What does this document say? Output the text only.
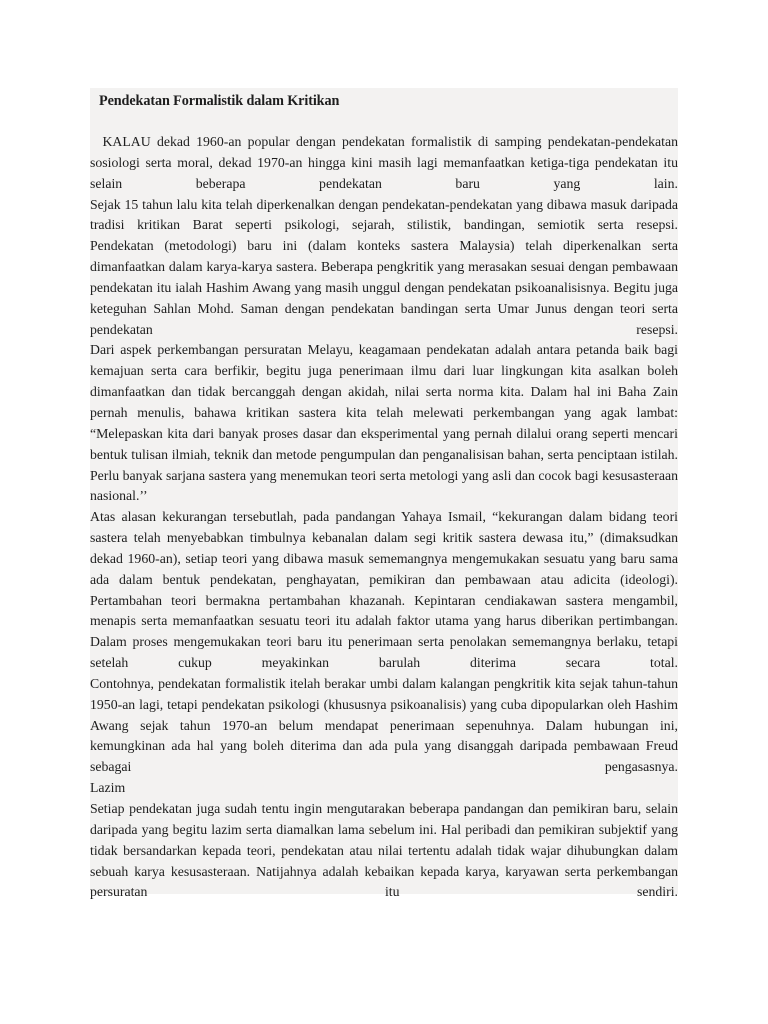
Pendekatan Formalistik dalam Kritikan
KALAU dekad 1960-an popular dengan pendekatan formalistik di samping pendekatan-pendekatan
sosiologi serta moral, dekad 1970-an hingga kini masih lagi memanfaatkan ketiga-tiga pendekatan itu
selain beberapa pendekatan baru yang lain.
Sejak 15 tahun lalu kita telah diperkenalkan dengan pendekatan-pendekatan yang dibawa masuk daripada
tradisi kritikan Barat seperti psikologi, sejarah, stilistik, bandingan, semiotik serta resepsi.
Pendekatan (metodologi) baru ini (dalam konteks sastera Malaysia) telah diperkenalkan serta
dimanfaatkan dalam karya-karya sastera. Beberapa pengkritik yang merasakan sesuai dengan pembawaan
pendekatan itu ialah Hashim Awang yang masih unggul dengan pendekatan psikoanalisisnya. Begitu juga
keteguhan Sahlan Mohd. Saman dengan pendekatan bandingan serta Umar Junus dengan teori serta
pendekatan resepsi.
Dari aspek perkembangan persuratan Melayu, keagamaan pendekatan adalah antara petanda baik bagi
kemajuan serta cara berfikir, begitu juga penerimaan ilmu dari luar lingkungan kita asalkan boleh
dimanfaatkan dan tidak bercanggah dengan akidah, nilai serta norma kita. Dalam hal ini Baha Zain
pernah menulis, bahawa kritikan sastera kita telah melewati perkembangan yang agak lambat:
“Melepaskan kita dari banyak proses dasar dan eksperimental yang pernah dilalui orang seperti mencari
bentuk tulisan ilmiah, teknik dan metode pengumpulan dan penganalisisan bahan, serta penciptaan istilah.
Perlu banyak sarjana sastera yang menemukan teori serta metologi yang asli dan cocok bagi kesusasteraan
nasional.’’
Atas alasan kekurangan tersebutlah, pada pandangan Yahaya Ismail, “kekurangan dalam bidang teori
sastera telah menyebabkan timbulnya kebanalan dalam segi kritik sastera dewasa itu,” (dimaksudkan
dekad 1960-an), setiap teori yang dibawa masuk sememangnya mengemukakan sesuatu yang baru sama
ada dalam bentuk pendekatan, penghayatan, pemikiran dan pembawaan atau adicita (ideologi).
Pertambahan teori bermakna pertambahan khazanah. Kepintaran cendiakawan sastera mengambil,
menapis serta memanfaatkan sesuatu teori itu adalah faktor utama yang harus diberikan pertimbangan.
Dalam proses mengemukakan teori baru itu penerimaan serta penolakan sememangnya berlaku, tetapi
setelah cukup meyakinkan barulah diterima secara total.
Contohnya, pendekatan formalistik itelah berakar umbi dalam kalangan pengkritik kita sejak tahun-tahun
1950-an lagi, tetapi pendekatan psikologi (khususnya psikoanalisis) yang cuba dipopularkan oleh Hashim
Awang sejak tahun 1970-an belum mendapat penerimaan sepenuhnya. Dalam hubungan ini,
kemungkinan ada hal yang boleh diterima dan ada pula yang disanggah daripada pembawaan Freud
sebagai pengasasnya.
Lazim
Setiap pendekatan juga sudah tentu ingin mengutarakan beberapa pandangan dan pemikiran baru, selain
daripada yang begitu lazim serta diamalkan lama sebelum ini. Hal peribadi dan pemikiran subjektif yang
tidak bersandarkan kepada teori, pendekatan atau nilai tertentu adalah tidak wajar dihubungkan dalam
sebuah karya kesusasteraan. Natijahnya adalah kebaikan kepada karya, karyawan serta perkembangan
persuratan itu sendiri.
